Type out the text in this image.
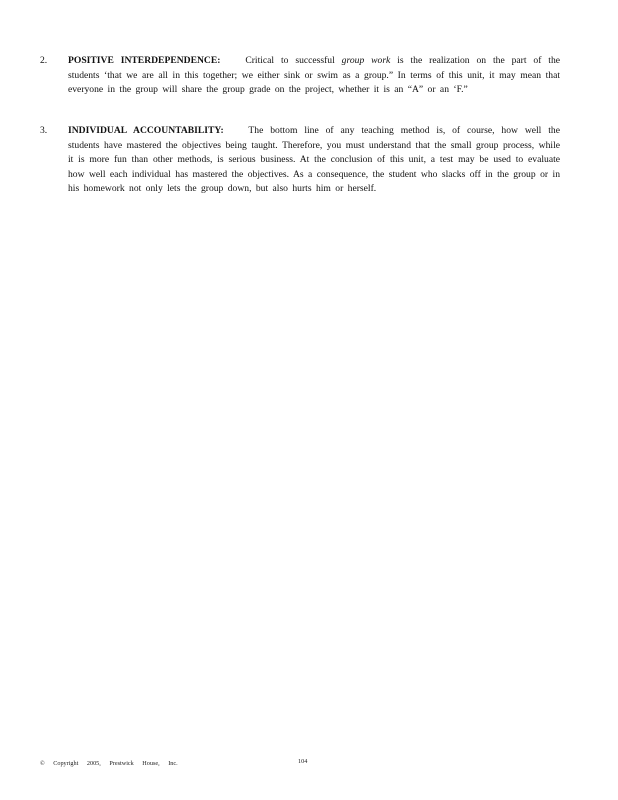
2.	POSITIVE INTERDEPENDENCE:	Critical to successful group work is the realization on the part of the students ‘that we are all in this together; we either sink or swim as a group.” In terms of this unit, it may mean that everyone in the group will share the group grade on the project, whether it is an “A” or an ‘F.”
3.	INDIVIDUAL ACCOUNTABILITY:	The bottom line of any teaching method is, of course, how well the students have mastered the objectives being taught. Therefore, you must understand that the small group process, while it is more fun than other methods, is serious business. At the conclusion of this unit, a test may be used to evaluate how well each individual has mastered the objectives. As a consequence, the student who slacks off in the group or in his homework not only lets the group down, but also hurts him or herself.
© Copyright 2005, Prestwick House, Inc.	104
